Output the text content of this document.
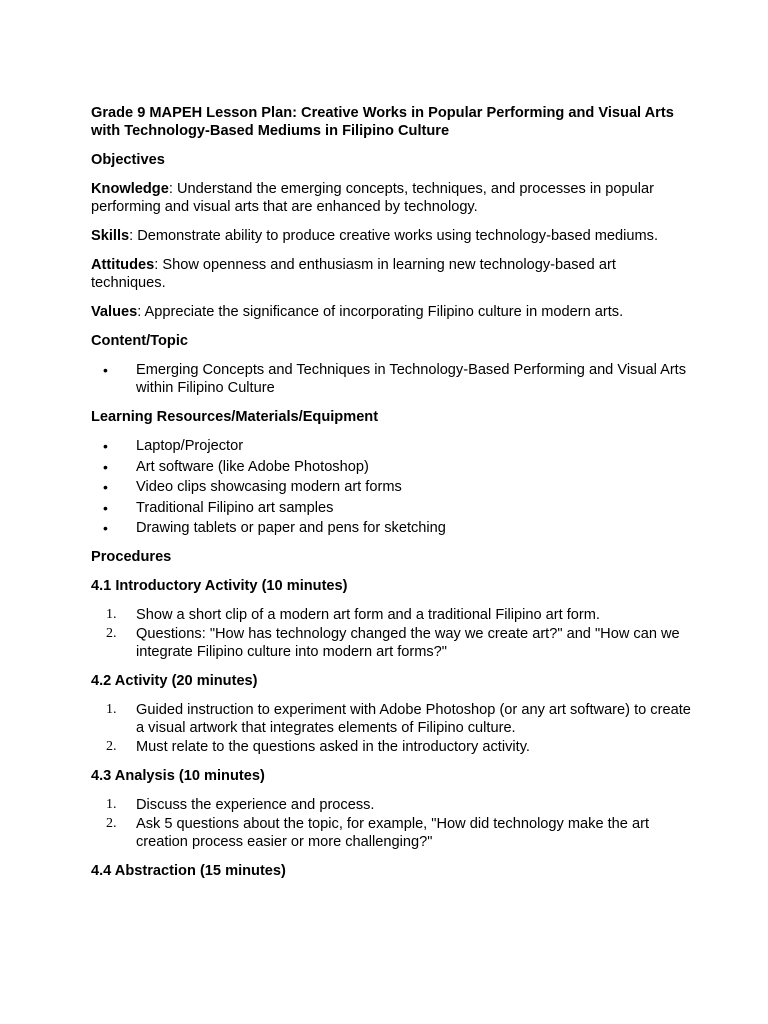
Grade 9 MAPEH Lesson Plan: Creative Works in Popular Performing and Visual Arts with Technology-Based Mediums in Filipino Culture
Objectives
Knowledge: Understand the emerging concepts, techniques, and processes in popular performing and visual arts that are enhanced by technology.
Skills: Demonstrate ability to produce creative works using technology-based mediums.
Attitudes: Show openness and enthusiasm in learning new technology-based art techniques.
Values: Appreciate the significance of incorporating Filipino culture in modern arts.
Content/Topic
• Emerging Concepts and Techniques in Technology-Based Performing and Visual Arts within Filipino Culture
Learning Resources/Materials/Equipment
• Laptop/Projector
• Art software (like Adobe Photoshop)
• Video clips showcasing modern art forms
• Traditional Filipino art samples
• Drawing tablets or paper and pens for sketching
Procedures
4.1 Introductory Activity (10 minutes)
1. Show a short clip of a modern art form and a traditional Filipino art form.
2. Questions: "How has technology changed the way we create art?" and "How can we integrate Filipino culture into modern art forms?"
4.2 Activity (20 minutes)
1. Guided instruction to experiment with Adobe Photoshop (or any art software) to create a visual artwork that integrates elements of Filipino culture.
2. Must relate to the questions asked in the introductory activity.
4.3 Analysis (10 minutes)
1. Discuss the experience and process.
2. Ask 5 questions about the topic, for example, "How did technology make the art creation process easier or more challenging?"
4.4 Abstraction (15 minutes)
